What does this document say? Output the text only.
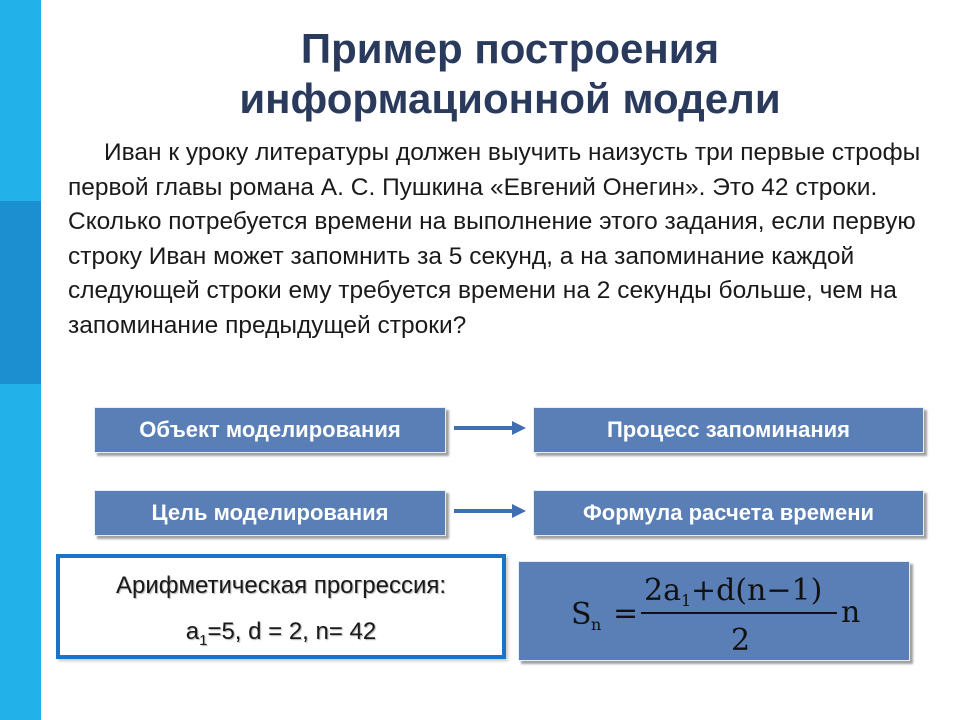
Пример построения
информационной модели
Иван к уроку литературы должен выучить наизусть три первые строфы первой главы романа А. С. Пушкина «Евгений Онегин». Это 42 строки. Сколько потребуется времени на выполнение этого задания, если первую строку Иван может запомнить за 5 секунд, а на запоминание каждой следующей строки ему требуется времени на 2 секунды больше, чем на запоминание предыдущей строки?
Объект моделирования	Процесс запоминания
Цель моделирования	Формула расчета времени
Арифметическая прогрессия:
$a_1=5$, d = 2, n= 42	S n =
2a 1 +d(n−1)
2
n
